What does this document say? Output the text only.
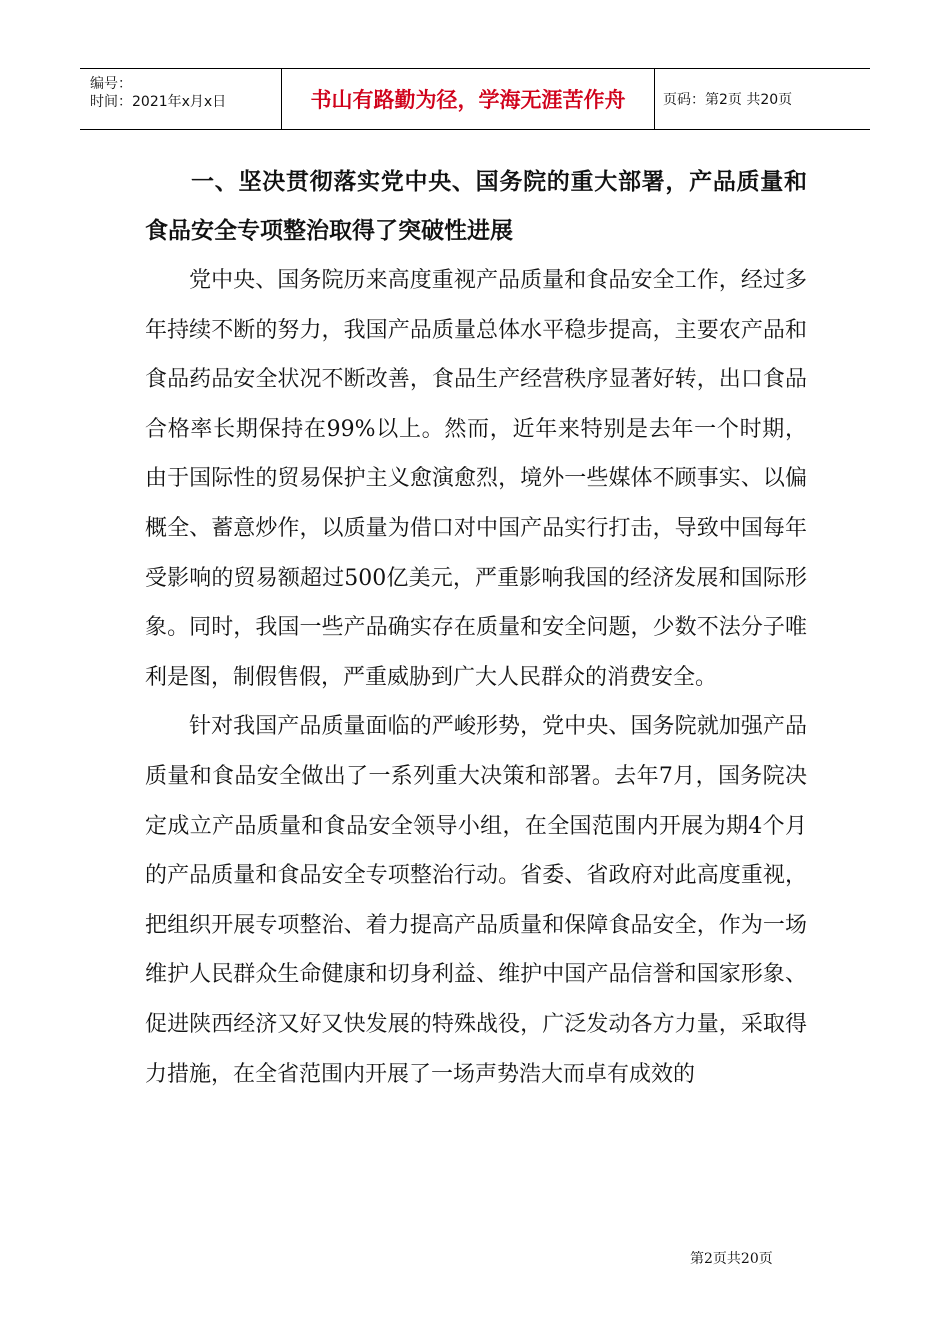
编号：
时间：2021年x月x日	书山有路勤为径，学海无涯苦作舟	页码：第2页 共20页

一、坚决贯彻落实党中央、国务院的重大部署，产品质量和食品安全专项整治取得了突破性进展

党中央、国务院历来高度重视产品质量和食品安全工作，经过多年持续不断的努力，我国产品质量总体水平稳步提高，主要农产品和食品药品安全状况不断改善，食品生产经营秩序显著好转，出口食品合格率长期保持在99%以上。然而，近年来特别是去年一个时期，由于国际性的贸易保护主义愈演愈烈，境外一些媒体不顾事实、以偏概全、蓄意炒作，以质量为借口对中国产品实行打击，导致中国每年受影响的贸易额超过500亿美元，严重影响我国的经济发展和国际形象。同时，我国一些产品确实存在质量和安全问题，少数不法分子唯利是图，制假售假，严重威胁到广大人民群众的消费安全。

针对我国产品质量面临的严峻形势，党中央、国务院就加强产品质量和食品安全做出了一系列重大决策和部署。去年7月，国务院决定成立产品质量和食品安全领导小组，在全国范围内开展为期4个月的产品质量和食品安全专项整治行动。省委、省政府对此高度重视，把组织开展专项整治、着力提高产品质量和保障食品安全，作为一场维护人民群众生命健康和切身利益、维护中国产品信誉和国家形象、促进陕西经济又好又快发展的特殊战役，广泛发动各方力量，采取得力措施，在全省范围内开展了一场声势浩大而卓有成效的

第2页共20页
